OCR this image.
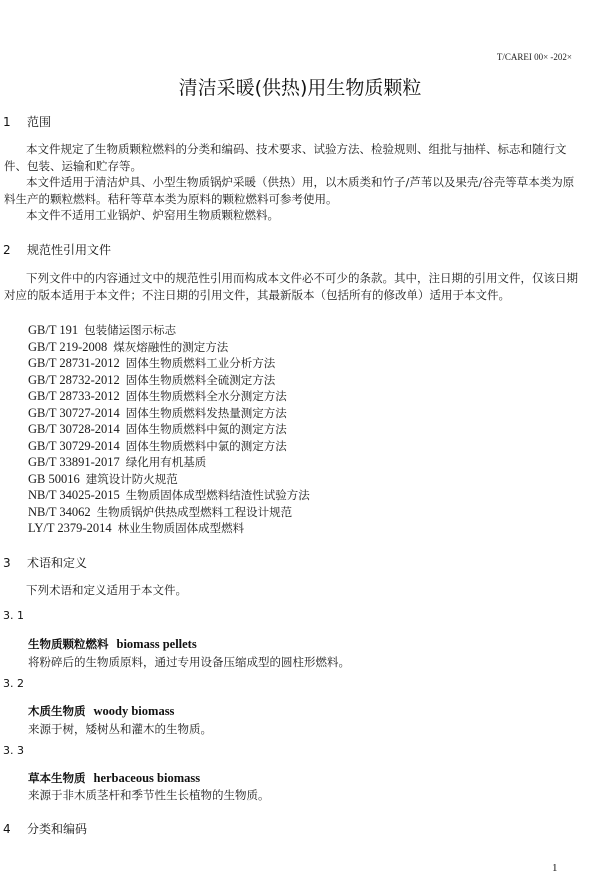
T/CAREI 00× -202×
清洁采暖(供热)用生物质颗粒
1 范围
本文件规定了生物质颗粒燃料的分类和编码、技术要求、试验方法、检验规则、组批与抽样、标志和随行文件、包装、运输和贮存等。
本文件适用于清洁炉具、小型生物质锅炉采暖（供热）用，以木质类和竹子/芦苇以及果壳/谷壳等草本类为原料生产的颗粒燃料。秸秆等草本类为原料的颗粒燃料可参考使用。
本文件不适用工业锅炉、炉窑用生物质颗粒燃料。
2 规范性引用文件
下列文件中的内容通过文中的规范性引用而构成本文件必不可少的条款。其中，注日期的引用文件，仅该日期对应的版本适用于本文件；不注日期的引用文件，其最新版本（包括所有的修改单）适用于本文件。
GB/T 191 包装储运图示标志
GB/T 219-2008 煤灰熔融性的测定方法
GB/T 28731-2012 固体生物质燃料工业分析方法
GB/T 28732-2012 固体生物质燃料全硫测定方法
GB/T 28733-2012 固体生物质燃料全水分测定方法
GB/T 30727-2014 固体生物质燃料发热量测定方法
GB/T 30728-2014 固体生物质燃料中氮的测定方法
GB/T 30729-2014 固体生物质燃料中氯的测定方法
GB/T 33891-2017 绿化用有机基质
GB 50016 建筑设计防火规范
NB/T 34025-2015 生物质固体成型燃料结渣性试验方法
NB/T 34062 生物质锅炉供热成型燃料工程设计规范
LY/T 2379-2014 林业生物质固体成型燃料
3 术语和定义
下列术语和定义适用于本文件。
3. 1
生物质颗粒燃料 biomass pellets
将粉碎后的生物质原料，通过专用设备压缩成型的圆柱形燃料。
3. 2
木质生物质 woody biomass
来源于树，矮树丛和灌木的生物质。
3. 3
草本生物质 herbaceous biomass
来源于非木质茎杆和季节性生长植物的生物质。
4 分类和编码
1
